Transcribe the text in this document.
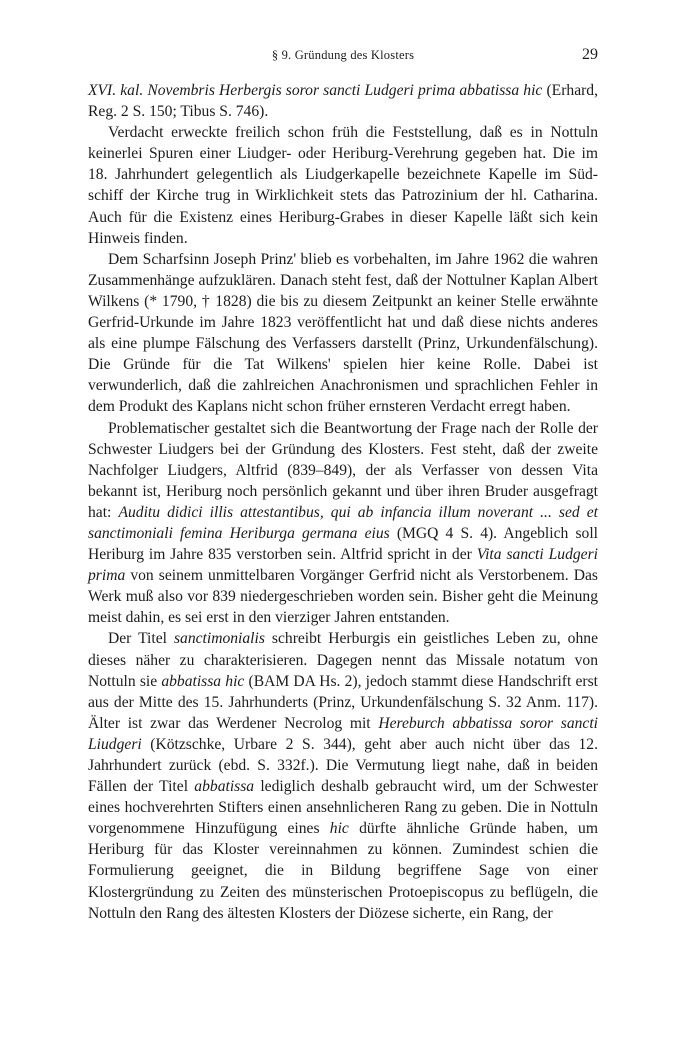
§ 9. Gründung des Klosters	29

XVI. kal. Novembris Herbergis soror sancti Ludgeri prima abbatissa hic (Erhard, Reg. 2 S. 150; Tibus S. 746).

Verdacht erweckte freilich schon früh die Feststellung, daß es in Nottuln keinerlei Spuren einer Liudger- oder Heriburg-Verehrung gegeben hat. Die im 18. Jahrhundert gelegentlich als Liudgerkapelle bezeichnete Kapelle im Südschiff der Kirche trug in Wirklichkeit stets das Patrozinium der hl. Catharina. Auch für die Existenz eines Heriburg-Grabes in dieser Kapelle läßt sich kein Hinweis finden.

Dem Scharfsinn Joseph Prinz' blieb es vorbehalten, im Jahre 1962 die wahren Zusammenhänge aufzuklären. Danach steht fest, daß der Nottulner Kaplan Albert Wilkens (* 1790, † 1828) die bis zu diesem Zeitpunkt an keiner Stelle erwähnte Gerfrid-Urkunde im Jahre 1823 veröffentlicht hat und daß diese nichts anderes als eine plumpe Fälschung des Verfassers darstellt (Prinz, Urkundenfälschung). Die Gründe für die Tat Wilkens' spielen hier keine Rolle. Dabei ist verwunderlich, daß die zahlreichen Anachronismen und sprachlichen Fehler in dem Produkt des Kaplans nicht schon früher ernsteren Verdacht erregt haben.

Problematischer gestaltet sich die Beantwortung der Frage nach der Rolle der Schwester Liudgers bei der Gründung des Klosters. Fest steht, daß der zweite Nachfolger Liudgers, Altfrid (839–849), der als Verfasser von dessen Vita bekannt ist, Heriburg noch persönlich gekannt und über ihren Bruder ausgefragt hat: Auditu didici illis attestantibus, qui ab infancia illum noverant ... sed et sanctimoniali femina Heriburga germana eius (MGQ 4 S. 4). Angeblich soll Heriburg im Jahre 835 verstorben sein. Altfrid spricht in der Vita sancti Ludgeri prima von seinem unmittelbaren Vorgänger Gerfrid nicht als Verstorbenem. Das Werk muß also vor 839 niedergeschrieben worden sein. Bisher geht die Meinung meist dahin, es sei erst in den vierziger Jahren entstanden.

Der Titel sanctimonialis schreibt Herburgis ein geistliches Leben zu, ohne dieses näher zu charakterisieren. Dagegen nennt das Missale notatum von Nottuln sie abbatissa hic (BAM DA Hs. 2), jedoch stammt diese Handschrift erst aus der Mitte des 15. Jahrhunderts (Prinz, Urkundenfälschung S. 32 Anm. 117). Älter ist zwar das Werdener Necrolog mit Hereburch abbatissa soror sancti Liudgeri (Kötzschke, Urbare 2 S. 344), geht aber auch nicht über das 12. Jahrhundert zurück (ebd. S. 332f.). Die Vermutung liegt nahe, daß in beiden Fällen der Titel abbatissa lediglich deshalb gebraucht wird, um der Schwester eines hochverehrten Stifters einen ansehnlicheren Rang zu geben. Die in Nottuln vorgenommene Hinzufügung eines hic dürfte ähnliche Gründe haben, um Heriburg für das Kloster vereinnahmen zu können. Zumindest schien die Formulierung geeignet, die in Bildung begriffene Sage von einer Klostergründung zu Zeiten des münsterischen Protoepiscopus zu beflügeln, die Nottuln den Rang des ältesten Klosters der Diözese sicherte, ein Rang, der
